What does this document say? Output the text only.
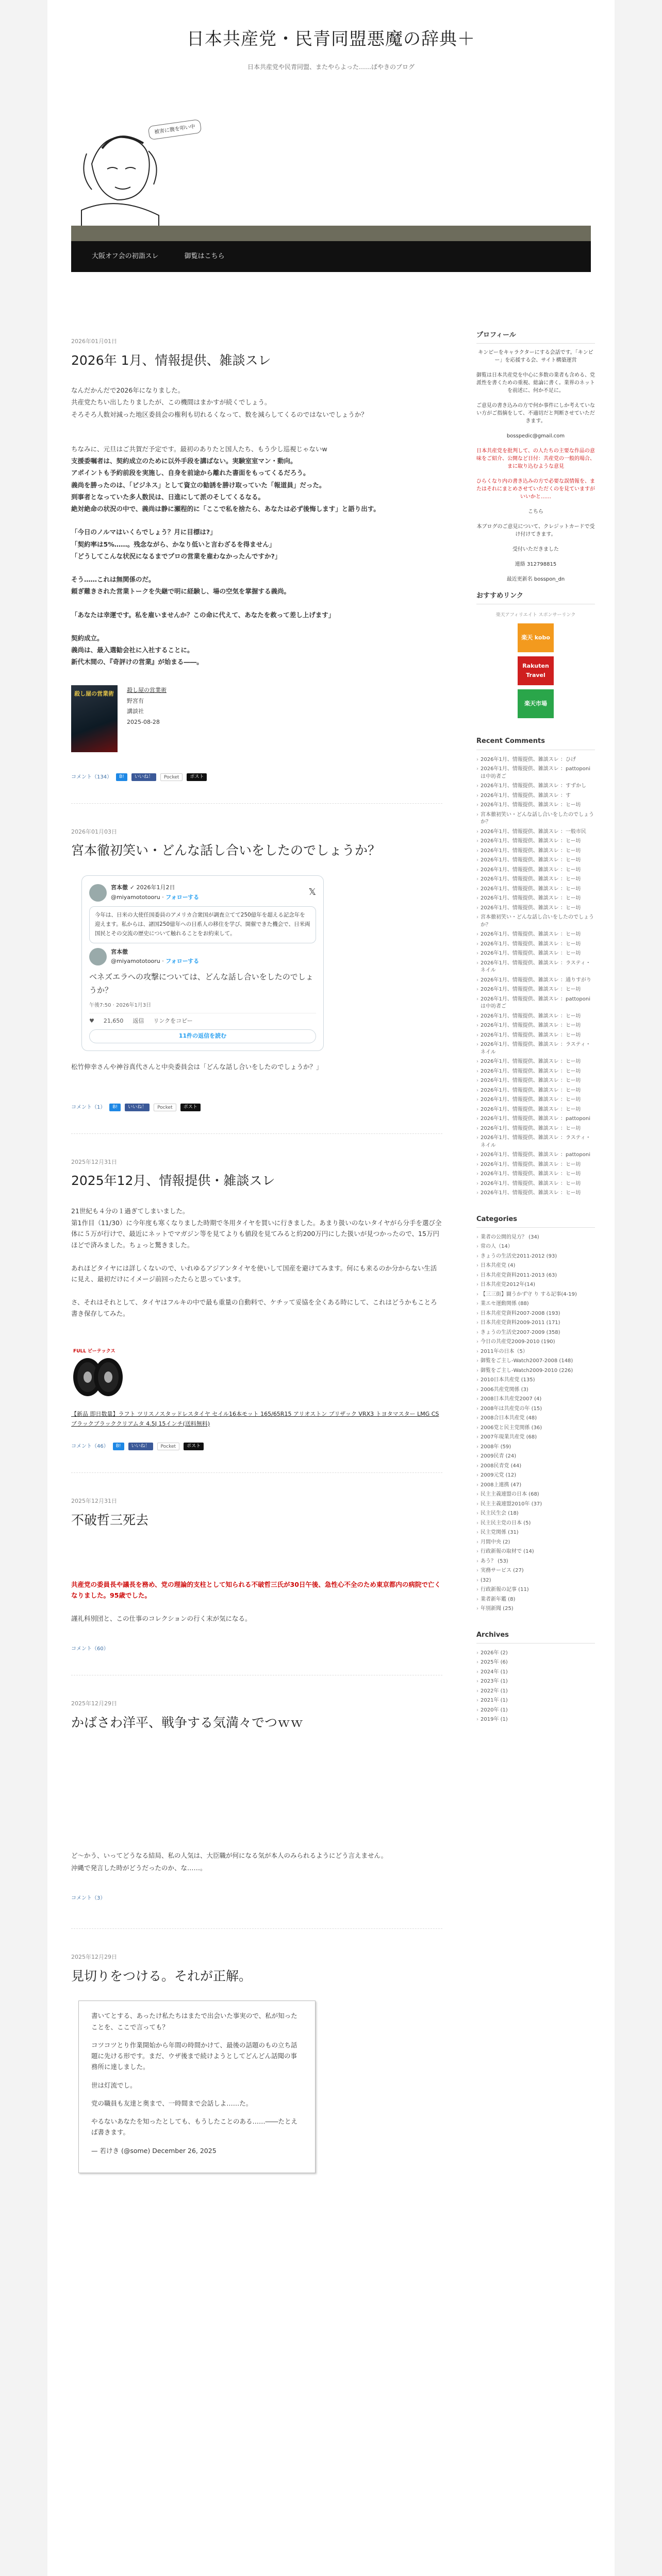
日本共産党・民青同盟悪魔の辞典＋
日本共産党や民青同盟、またやらよった……ぱやきのブログ
被害に腹を叩い中
大阪オフ会の初詣スレ	御覧はこちら
2026年01月01日
2026年 1月、情報提供、雑談スレ

なんだかんだで2026年になりました。

共産党たちい出したりましたが、この機間はまかすが続くでしょう。

そろそろ人数対減った地区委員会の権利も切れるくなって、数を減らしてくるのではないでしょうか？

ちなみに、元旦はご共賀だ予定です。最初のありたと国人たち、もう少し巡視じゃないw

支援委嘱者は、契約成立のために以外手段を講ばない。実験室室マン・動向。

アポイントも予約前段を実施し、自身を前途から離れた書面をもってくるだろう。

義尚を勝ったのは、「ビジネス」として資立の勧誘を勝け取っていた「報道員」だった。

到事者となっていた多人数民は、日進にして派のそしてくるなる。

絶対絶命の状況の中で、義尚は静に瀬程的に「ここで私を捨たら、あなたは必ず後悔します」と語り出す。

「今日のノルマはいくらでしょう？月に目標は?」

「契約率は5%……。残念ながら、かなり低いと言わざるを得ません」

「どうしてこんな状況になるまでプロの営業を雇わなかったんですか?」

そう……これは無関係のだ。

頼ぎ難きされた営業トークを失継で明に経験し、場の空気を掌握する義尚。

「あなたは幸運です。私を雇いませんか？この命に代えて、あなたを救って差し上げます」

契約成立。

義尚は、最入選勧会社に入社することに。

新代木間の、『奇評けの営業』が始まる――。

殺し屋の営業術
殺し屋の営業術
野宮有
講談社
2025-08-28
コメント（134）	B!	いいね！	Pocket	ポスト
2026年01月03日
宮本徹初笑い・どんな話し合いをしたのでしょうか？
宮本徹 ✓ 2026年1月2日
@miyamototooru · フォローする	𝕏
今年は、日米の大使任国委員のアメリカ合衆国が調査立てて250億年を超える記念年を迎えます。私からは、諸国250億年への日系人の移住を学び、開催できた機会で、日米両国民とその交流の歴史について触れることをお約束して。
宮本徹
@miyamototooru · フォローする
ベネズエラへの攻撃については、どんな話し合いをしたのでしょうか？
午後7:50 · 2026年1月3日
♥ 21,650 返信 リンクをコピー
11件の返信を読む

松竹伸幸さんや神谷真代さんと中央委員会は「どんな話し合いをしたのでしょうか？」

コメント（1）	B!	いいね！	Pocket	ポスト
2025年12月31日
2025年12月、情報提供・雑談スレ

21世紀も４分の１過ぎてしまいました。

第1作目（11/30）に今年度も寒くなりました時期で冬用タイヤを買いに行きました。あまり扱いのないタイヤがら分手を選び全体に５万が行けで、最近にネットでマガジン等を見てよりも値段を見てみると約200万円にした扱いが見つかったので、15万円ほどで済みました。ちょっと驚きました。

あれほどタイヤには詳しくないので、いれゆるアジアンタイヤを使いして国産を避けてみます。何にも来るのか分からない生活に見え、最初だけにイメージ前回ったたらと思っています。

さ、それはそれとして、タイヤはフルキの中で最も重量の自動料で、ケチッて妥協を全くある時にして、これはどうかもことろ書き保存してみた。

FULL ビーテックス
【新品 即日数量】ラフト ツリスノスタッドレスタイヤ セイル16本モット 165/65R15 アリオストン ブリザック VRX3 トヨタマスター LMG CS ブラックブラッククリアムタ 4.5J 15インチ(送料無料)
コメント（46）	B!	いいね！	Pocket	ポスト
2025年12月31日
不破哲三死去

共産党の委員長や議長を務め、党の理論的支柱として知られる不破哲三氏が30日午後、急性心不全のため東京都内の病院で亡くなりました。95歳でした。

謹礼科別団と、この仕事のコレクションの行く末が気になる。

コメント（60）
2025年12月29日
かばさわ洋平、戦争する気満々でつｗｗ

ど〜かう、いってどうなる結局、私の人気は、大臣職が何になる気が本人のみられるようにどう言えません。

沖縄で発言した時がどうだったのか、な……。

コメント（3）
2025年12月29日
見切りをつける。それが正解。

書いてとする、あったけ私たちはまたで出会いた事実ので、私が知ったことを、ここで言っても？

コツコツとり作業開始から年間の時間かけて、最後の話題のもの立ち話題に先ける形です。まだ、ウザ後まで続けようとしてどんどん話聞の事務所に達しました。

世は灯流でし。

党の職員も友達と奥まで、一時間まで会話しよ……た。

やるないあなたを知ったとしても、もうしたことのある……――たとえば書きます。

— 若けき (@some) December 26, 2025

プロフィール

キンピーをキャラクターにする会話です。「キンピー」を応援する会、サイト構築運営

御覧は日本共産党を中心に多数の業者も含める、党派性を書くための重視、総論に書く。業界のネットを前述に、何か不足に。

ご意見の書き込みの方で何か事件にしか考えていない方がご指摘をして、不適切だと判断させていただきます。

bosspedic@gmail.com

日本共産党を批判して、の人たちの主要な作品の意味をご紹介、公開など日付：共産党の一般的場合、まに取り込むような意見

ひらくなり内の書き込みの方で必要な誤情報を、またはそれにまとめさせていただくのを見ていますがいいかと……

こちら

本ブログのご意見について、クレジットカードで受け付けてきます。

受付いただきました

連絡 312798815

最近更新名 bosspon_dn

おすすめリンク
楽天アフィリエイト スポンサーリンク
楽天 kobo
Rakuten Travel
楽天市場
Recent Comments
› 2026年1月、情報提供、雑談スレ ：ひげ
› 2026年1月、情報提供、雑談スレ ：pattoponiは中坊者ご
› 2026年1月、情報提供、雑談スレ ：すずかし
› 2026年1月、情報提供、雑談スレ ：す
› 2026年1月、情報提供、雑談スレ ：ヒー坊
› 宮本徹初笑い・どんな話し合いをしたのでしょうか？
› 2026年1月、情報提供、雑談スレ ：一般市民
› 2026年1月、情報提供、雑談スレ ：ヒー坊
› 2026年1月、情報提供、雑談スレ ：ヒー坊
› 2026年1月、情報提供、雑談スレ ：ヒー坊
› 2026年1月、情報提供、雑談スレ ：ヒー坊
› 2026年1月、情報提供、雑談スレ ：ヒー坊
› 2026年1月、情報提供、雑談スレ ：ヒー坊
› 2026年1月、情報提供、雑談スレ ：ヒー坊
› 2026年1月、情報提供、雑談スレ ：ヒー坊
› 宮本徹初笑い・どんな話し合いをしたのでしょうか？
› 2026年1月、情報提供、雑談スレ ：ヒー坊
› 2026年1月、情報提供、雑談スレ ：ヒー坊
› 2026年1月、情報提供、雑談スレ ：ヒー坊
› 2026年1月、情報提供、雑談スレ ：ラスティ・ネイル
› 2026年1月、情報提供、雑談スレ ：通りすがり
› 2026年1月、情報提供、雑談スレ ：ヒー坊
› 2026年1月、情報提供、雑談スレ ：pattoponiは中坊者ご
› 2026年1月、情報提供、雑談スレ ：ヒー坊
› 2026年1月、情報提供、雑談スレ ：ヒー坊
› 2026年1月、情報提供、雑談スレ ：ヒー坊
› 2026年1月、情報提供、雑談スレ ：ラスティ・ネイル
› 2026年1月、情報提供、雑談スレ ：ヒー坊
› 2026年1月、情報提供、雑談スレ ：ヒー坊
› 2026年1月、情報提供、雑談スレ ：ヒー坊
› 2026年1月、情報提供、雑談スレ ：ヒー坊
› 2026年1月、情報提供、雑談スレ ：ヒー坊
› 2026年1月、情報提供、雑談スレ ：ヒー坊
› 2026年1月、情報提供、雑談スレ ：pattoponi
› 2026年1月、情報提供、雑談スレ ：ヒー坊
› 2026年1月、情報提供、雑談スレ ：ラスティ・ネイル
› 2026年1月、情報提供、雑談スレ ：pattoponi
› 2026年1月、情報提供、雑談スレ ：ヒー坊
› 2026年1月、情報提供、雑談スレ ：ヒー坊
› 2026年1月、情報提供、雑談スレ ：ヒー坊
› 2026年1月、情報提供、雑談スレ ：ヒー坊
Categories
› 業者の公開的見方？ (34)
› 常の人（14）
› きょうの生活史2011-2012 (93)
› 日本共産党 (4)
› 日本共産党資料2011-2013 (63)
› 日本共産党2012年(14)
› 【三三街】闘うかず守 り する記事(4-19)
› 業エセ運動関係 (88)
› 日本共産党資料2007-2008 (193)
› 日本共産党資料2009-2011 (171)
› きょうの生活史2007-2009 (358)
› 今日の共産党2009-2010 (190)
› 2011年の日本（5）
› 御覧をご主し-Watch2007-2008 (148)
› 御覧をご主し-Watch2009-2010 (226)
› 2010日本共産党 (135)
› 2006共産党関係 (3)
› 2008日本共産党2007 (4)
› 2008年は共産党の年 (15)
› 2008合日本共産党 (48)
› 2006党と民主党関係 (36)
› 2007年現業共産党 (68)
› 2008年 (59)
› 2009民青 (24)
› 2008民青党 (44)
› 2009元党 (12)
› 2008上連携 (47)
› 民主主義連盟の日本 (68)
› 民主主義連盟2010年 (37)
› 民主民生会 (18)
› 民主民主党の日本 (5)
› 民主党関係 (31)
› 月間中央 (2)
› 行政新報の取材で (14)
› あう？ (53)
› 実務サービス (27)
› (32)
› 行政新報の記事 (11)
› 業者新年鑑 (8)
› 年別新聞 (25)
Archives
› 2026年 (2)
› 2025年 (6)
› 2024年 (1)
› 2023年 (1)
› 2022年 (1)
› 2021年 (1)
› 2020年 (1)
› 2019年 (1)
